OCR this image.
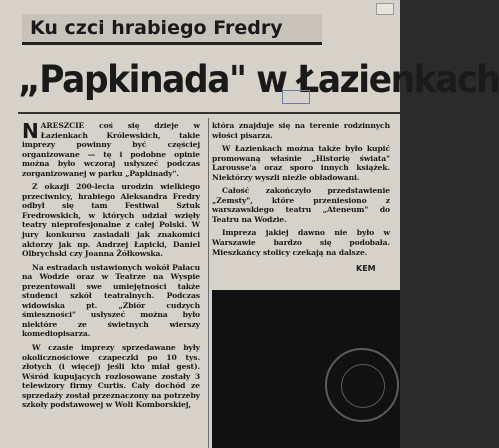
Ku czci hrabiego Fredry
„Papkinada" w Łazienkach

NARESZCIE coś się dzieje w Łazienkach Królewskich, takie imprezy powinny być częściej organizowane — tę i podobne opinie można było wczoraj usłyszeć podczas zorganizowanej w parku „Papkinady".

Z okazji 200-lecia urodzin wielkiego przeciwnicy, hrabiego Aleksandra Fredry odbył się tam Festiwal Sztuk Fredrowskich, w których udział wzięły teatry nieprofesjonalne z całej Polski. W jury konkursu zasiadali jak znakomici aktorzy jak np. Andrzej Łapicki, Daniel Olbrychski czy Joanna Żółkowska.

Na estradach ustawionych wokół Pałacu na Wodzie oraz w Teatrze na Wyspie prezentowali swe umiejętności także studenci szkół teatralnych. Podczas widowiska pt. „Zbiór cudzych śmieszności" usłyszeć można było niektóre ze świetnych wierszy komediopisarza.

W czasie imprezy sprzedawane były okolicznościowe czapeczki po 10 tys. złotych (i więcej) jeśli kto miał gest). Wśród kupujących rozlosowane zostały 3 telewizory firmy Curtis. Cały dochód ze sprzedaży został przeznaczony na potrzeby szkoły podstawowej w Woli Komborskiej,

która znajduje się na terenie rodzinnych włości pisarza.

W Łazienkach można także było kupić promowaną właśnie „Historię świata" Larousse'a oraz sporo innych książek. Niektórzy wyszli nieźle obładowani.

Całość zakończyło przedstawienie „Zemsty", które przeniesiono z warszawskiego teatru „Ateneum" do Teatru na Wodzie.

Impreza jakiej dawno nie było w Warszawie bardzo się podobała. Mieszkańcy stolicy czekają na dalsze.

KEM
